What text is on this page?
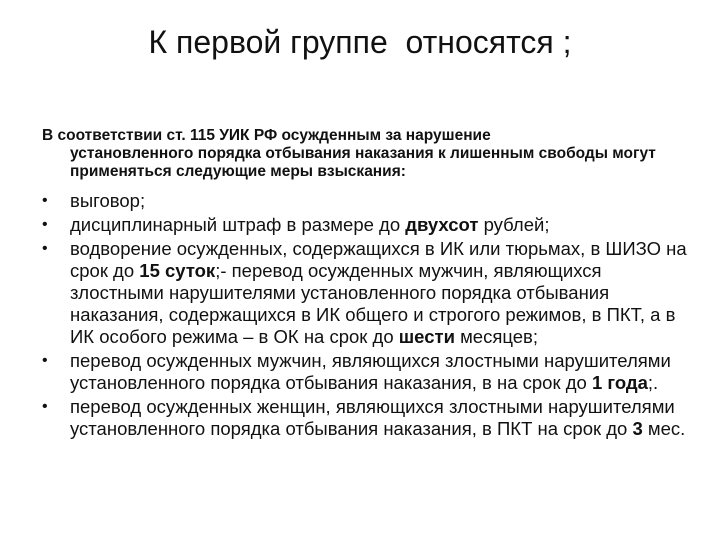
К первой группе  относятся ;
В соответствии ст. 115 УИК РФ осужденным за нарушение
установленного порядка отбывания наказания к лишенным свободы могут применяться следующие меры взыскания:
•	выговор;
•	дисциплинарный штраф в размере до двухсот рублей;
•	водворение осужденных, содержащихся в ИК или тюрьмах, в ШИЗО на срок до 15 суток;- перевод осужденных мужчин, являющихся злостными нарушителями установленного порядка отбывания наказания, содержащихся в ИК общего и строгого режимов, в ПКТ, а в ИК особого режима – в ОК на срок до шести месяцев;
•	перевод осужденных мужчин, являющихся злостными нарушителями установленного порядка отбывания наказания, в на срок до 1 года;.
•	перевод осужденных женщин, являющихся злостными нарушителями установленного порядка отбывания наказания, в ПКТ на срок до 3 мес.
